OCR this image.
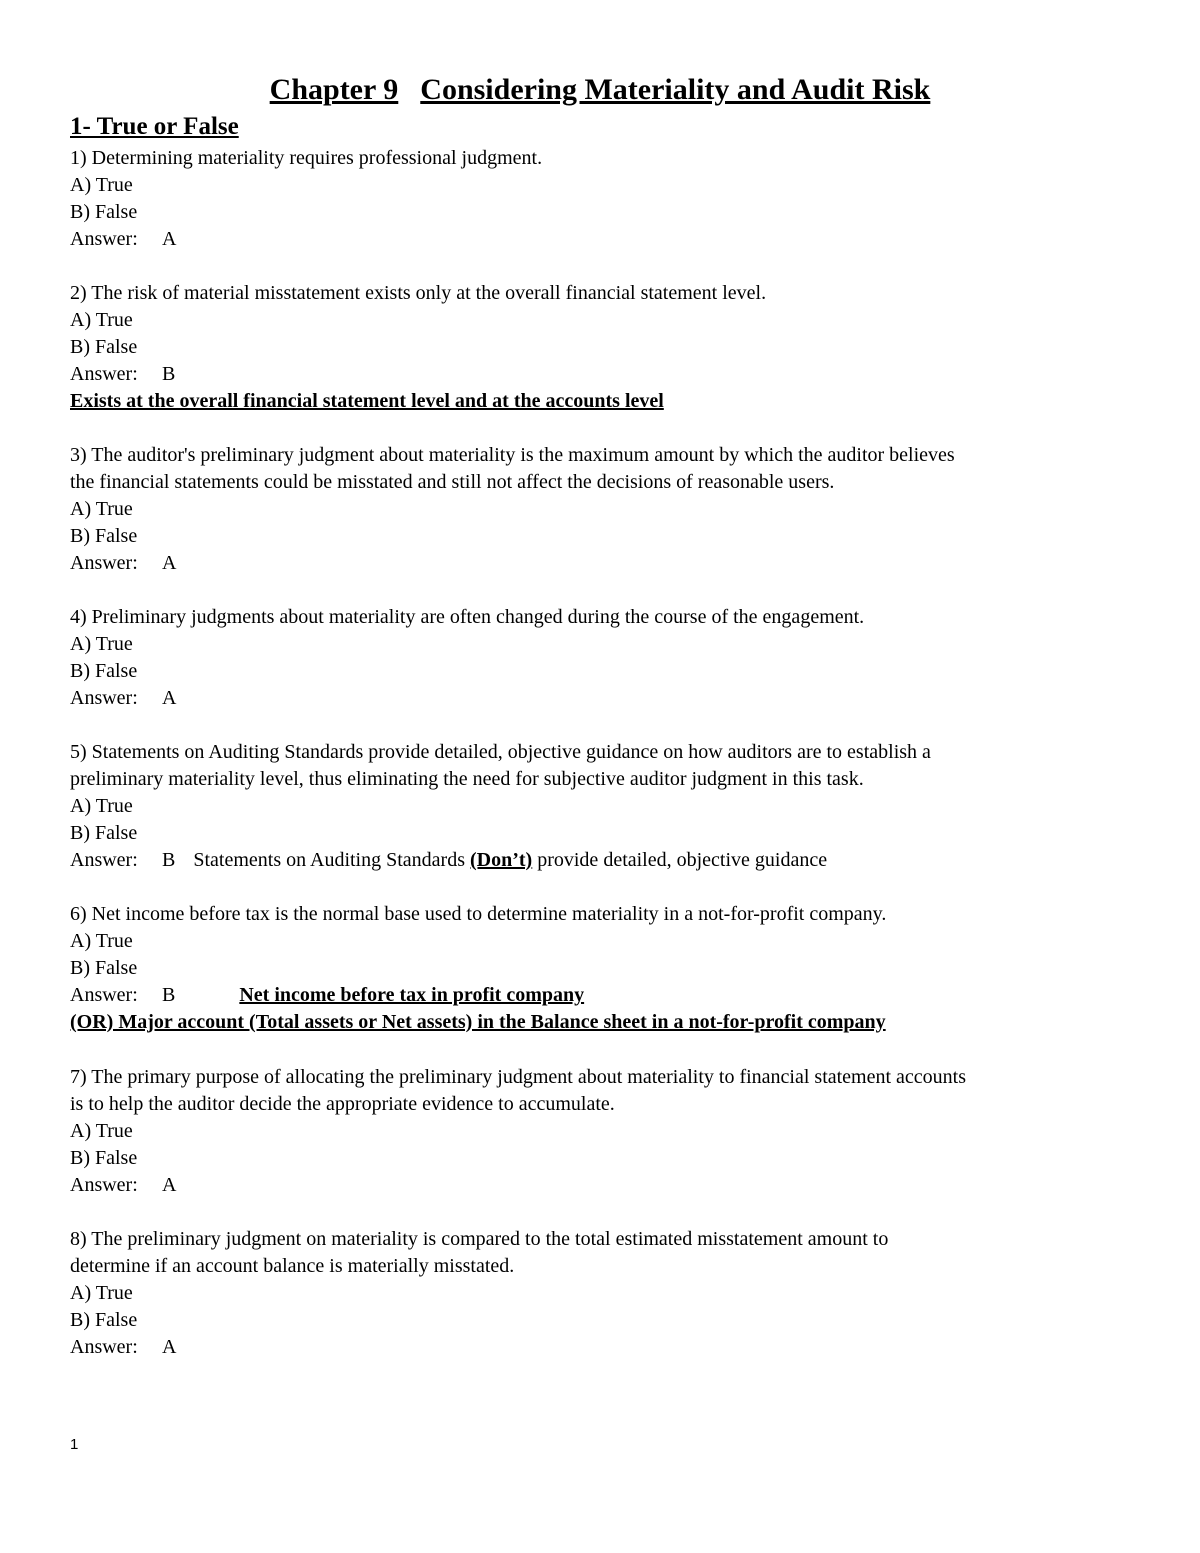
Chapter 9 Considering Materiality and Audit Risk
1- True or False
1) Determining materiality requires professional judgment.
A) True
B) False
Answer: A
2) The risk of material misstatement exists only at the overall financial statement level.
A) True
B) False
Answer: B
Exists at the overall financial statement level and at the accounts level
3) The auditor's preliminary judgment about materiality is the maximum amount by which the auditor believes
the financial statements could be misstated and still not affect the decisions of reasonable users.
A) True
B) False
Answer: A
4) Preliminary judgments about materiality are often changed during the course of the engagement.
A) True
B) False
Answer: A
5) Statements on Auditing Standards provide detailed, objective guidance on how auditors are to establish a
preliminary materiality level, thus eliminating the need for subjective auditor judgment in this task.
A) True
B) False
Answer: B Statements on Auditing Standards (Don’t) provide detailed, objective guidance
6) Net income before tax is the normal base used to determine materiality in a not-for-profit company.
A) True
B) False
Answer: B	Net income before tax in profit company
(OR) Major account (Total assets or Net assets) in the Balance sheet in a not-for-profit company
7) The primary purpose of allocating the preliminary judgment about materiality to financial statement accounts
is to help the auditor decide the appropriate evidence to accumulate.
A) True
B) False
Answer: A
8) The preliminary judgment on materiality is compared to the total estimated misstatement amount to
determine if an account balance is materially misstated.
A) True
B) False
Answer: A
1
